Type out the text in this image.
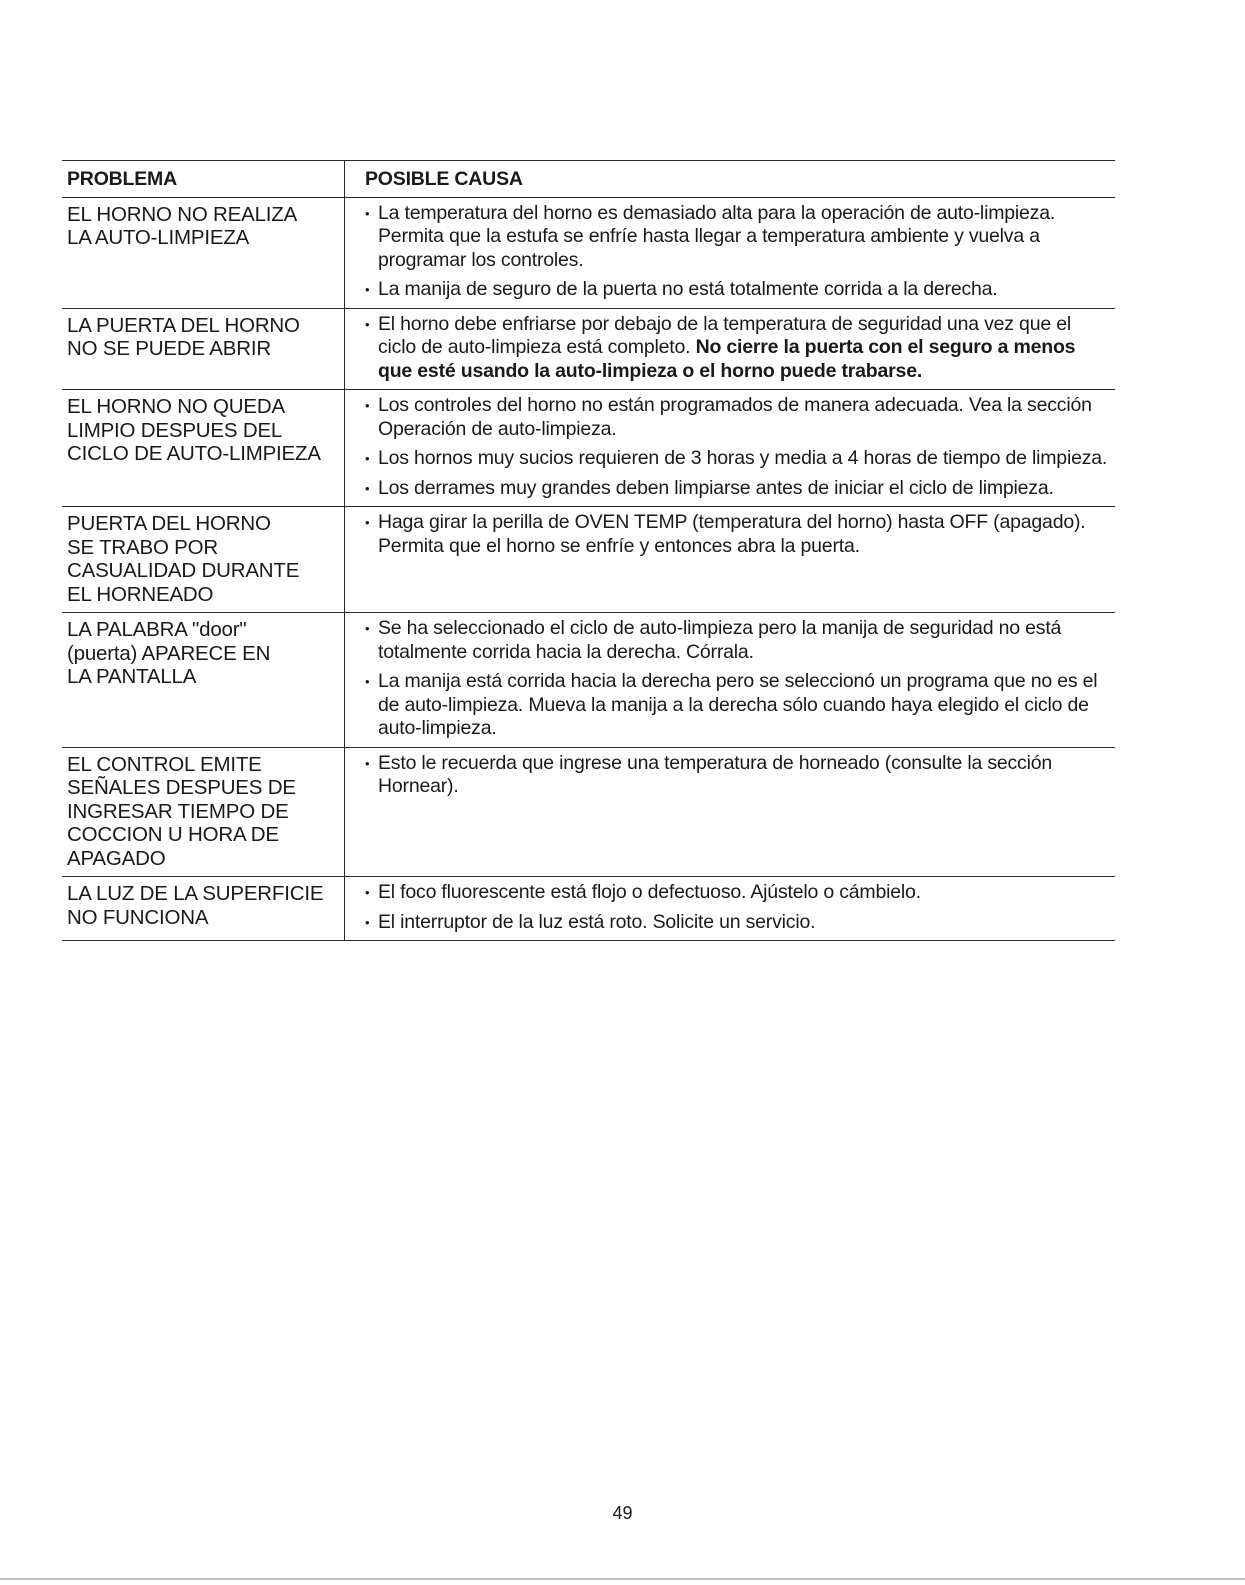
PROBLEMA	POSIBLE CAUSA
EL HORNO NO REALIZA
LA AUTO-LIMPIEZA
• La temperatura del horno es demasiado alta para la operación de auto-limpieza. Permita que la estufa se enfríe hasta llegar a temperatura ambiente y vuelva a programar los controles.
• La manija de seguro de la puerta no está totalmente corrida a la derecha.
LA PUERTA DEL HORNO
NO SE PUEDE ABRIR
• El horno debe enfriarse por debajo de la temperatura de seguridad una vez que el ciclo de auto-limpieza está completo. No cierre la puerta con el seguro a menos que esté usando la auto-limpieza o el horno puede trabarse.
EL HORNO NO QUEDA
LIMPIO DESPUES DEL
CICLO DE AUTO-LIMPIEZA
• Los controles del horno no están programados de manera adecuada. Vea la sección Operación de auto-limpieza.
• Los hornos muy sucios requieren de 3 horas y media a 4 horas de tiempo de limpieza.
• Los derrames muy grandes deben limpiarse antes de iniciar el ciclo de limpieza.
PUERTA DEL HORNO
SE TRABO POR
CASUALIDAD DURANTE
EL HORNEADO
• Haga girar la perilla de OVEN TEMP (temperatura del horno) hasta OFF (apagado). Permita que el horno se enfríe y entonces abra la puerta.
LA PALABRA "door"
(puerta) APARECE EN
LA PANTALLA
• Se ha seleccionado el ciclo de auto-limpieza pero la manija de seguridad no está totalmente corrida hacia la derecha. Córrala.
• La manija está corrida hacia la derecha pero se seleccionó un programa que no es el de auto-limpieza. Mueva la manija a la derecha sólo cuando haya elegido el ciclo de auto-limpieza.
EL CONTROL EMITE
SEÑALES DESPUES DE
INGRESAR TIEMPO DE
COCCION U HORA DE
APAGADO
• Esto le recuerda que ingrese una temperatura de horneado (consulte la sección Hornear).
LA LUZ DE LA SUPERFICIE
NO FUNCIONA
• El foco fluorescente está flojo o defectuoso. Ajústelo o cámbielo.
• El interruptor de la luz está roto. Solicite un servicio.
49
